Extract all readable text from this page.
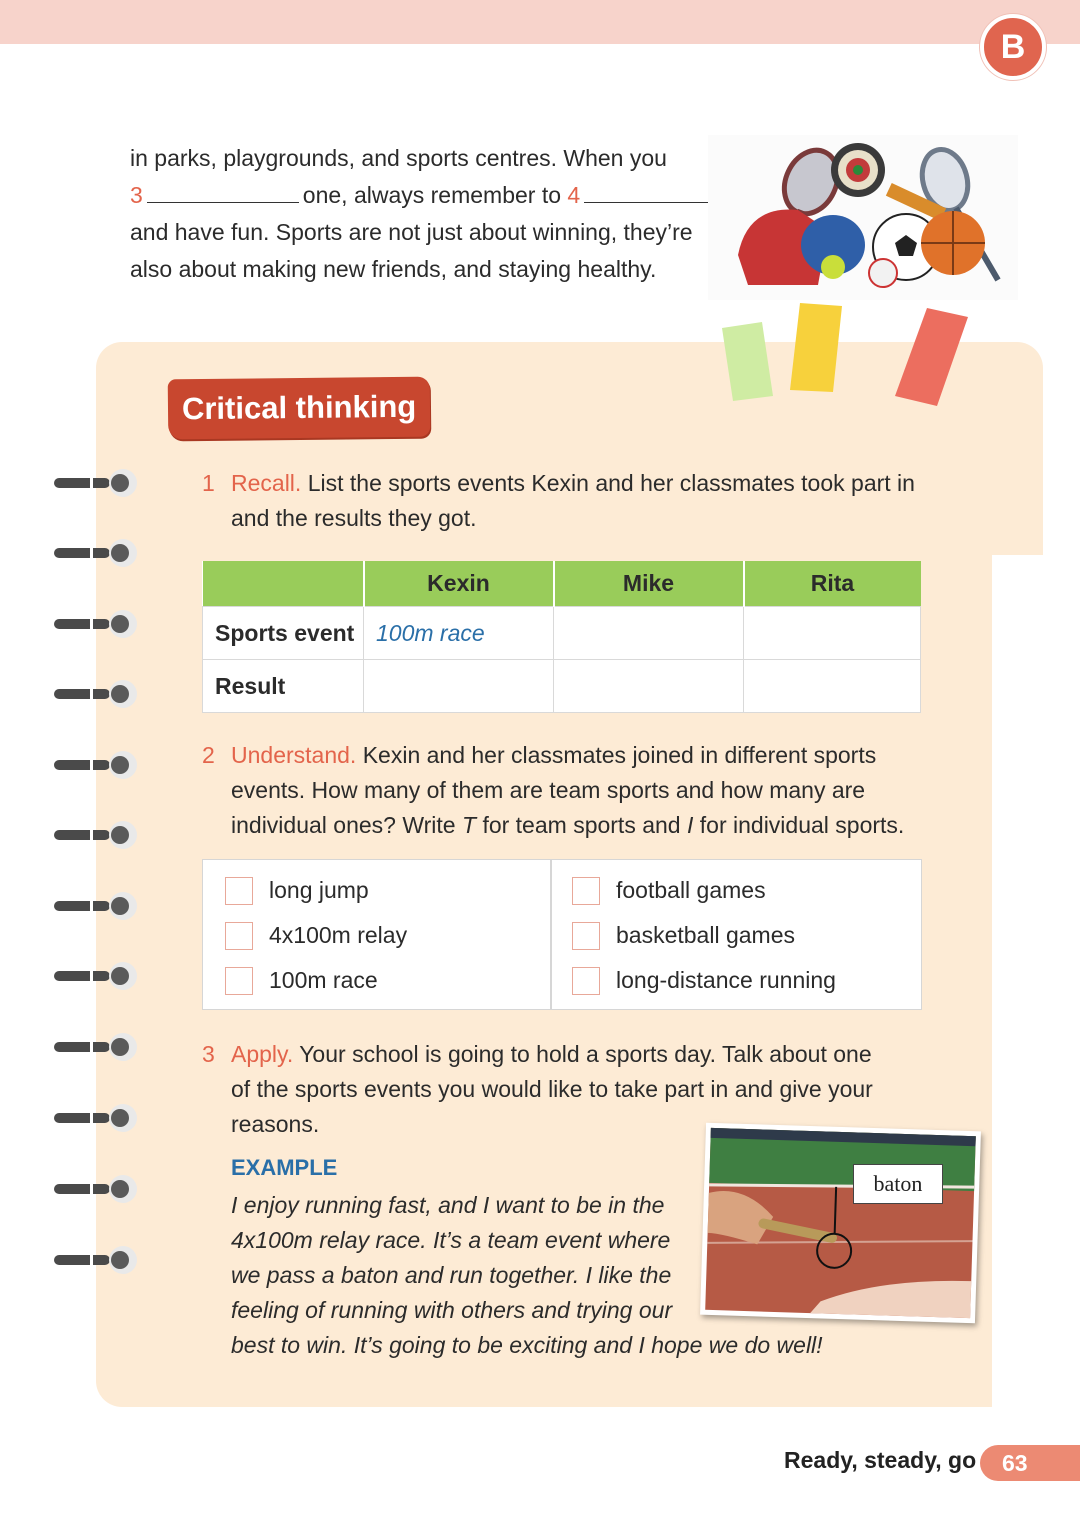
B

in parks, playgrounds, and sports centres. When you

3	one, always remember to 4

and have fun. Sports are not just about winning, they’re

also about making new friends, and staying healthy.

Critical thinking

1 Recall. List the sports events Kexin and her classmates took part in

and the results they got.

	Kexin	Mike	Rita
Sports event	100m race		
Result			

2 Understand. Kexin and her classmates joined in different sports

events. How many of them are team sports and how many are

individual ones? Write T for team sports and I for individual sports.

long jump
4x100m relay
100m race
football games
basketball games
long-distance running

3 Apply. Your school is going to hold a sports day. Talk about one

of the sports events you would like to take part in and give your

reasons.

EXAMPLE

I enjoy running fast, and I want to be in the

4x100m relay race. It’s a team event where

we pass a baton and run together. I like the

feeling of running with others and trying our

best to win. It’s going to be exciting and I hope we do well!

baton
Ready, steady, go	63
